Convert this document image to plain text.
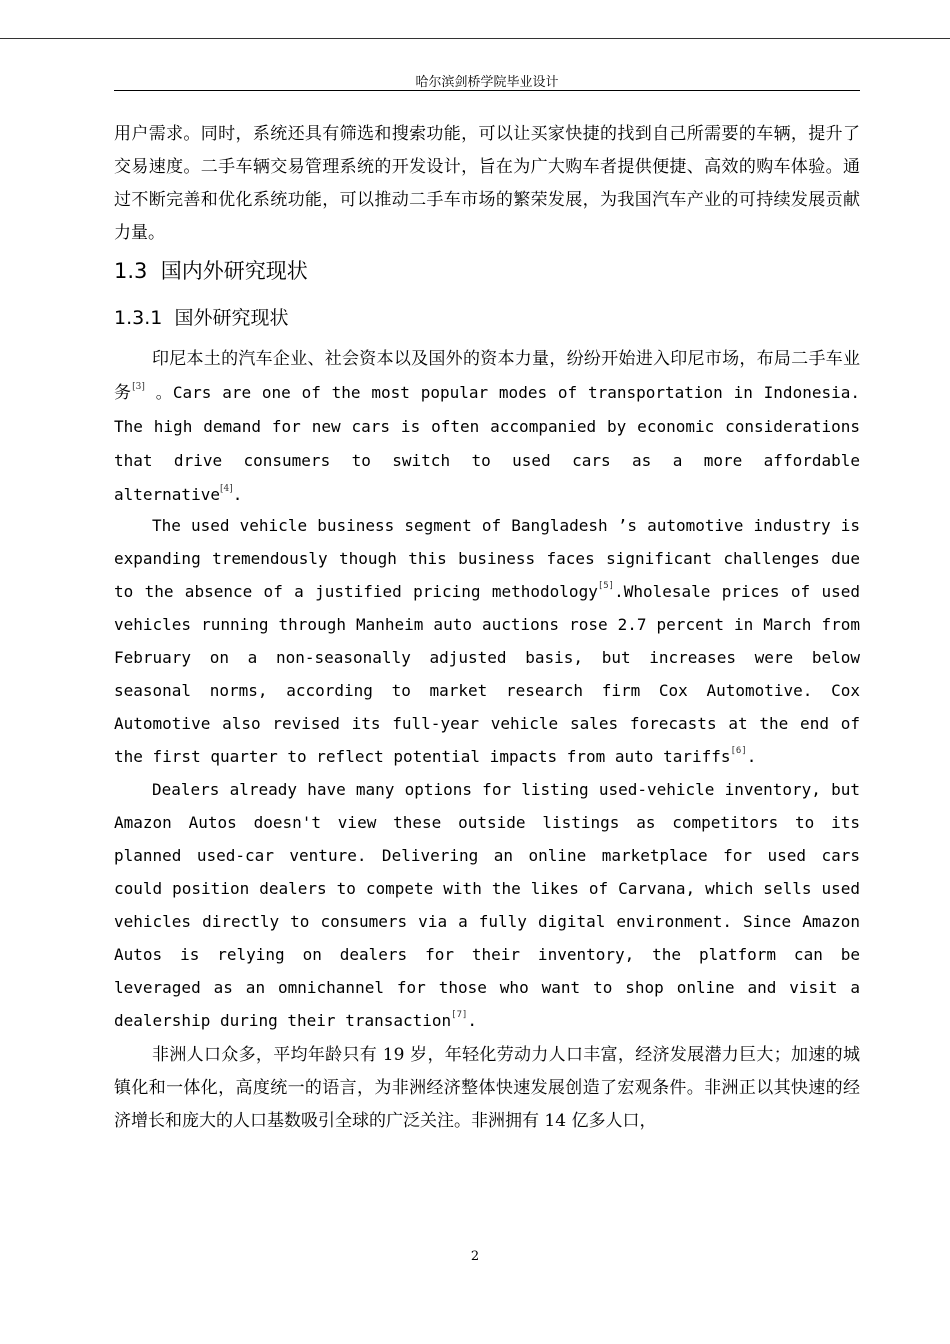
哈尔滨剑桥学院毕业设计

用户需求。同时，系统还具有筛选和搜索功能，可以让买家快捷的找到自己所需要的车辆，提升了交易速度。二手车辆交易管理系统的开发设计，旨在为广大购车者提供便捷、高效的购车体验。通过不断完善和优化系统功能，可以推动二手车市场的繁荣发展，为我国汽车产业的可持续发展贡献力量。

1.3 国内外研究现状
1.3.1 国外研究现状

印尼本土的汽车企业、社会资本以及国外的资本力量，纷纷开始进入印尼市场，布局二手车业务[3] 。Cars are one of the most popular modes of transportation in Indonesia. The high demand for new cars is often accompanied by economic considerations that drive consumers to switch to used cars as a more affordable alternative[4].

The used vehicle business segment of Bangladesh ’s automotive industry is expanding tremendously though this business faces significant challenges due to the absence of a justified pricing methodology[5].Wholesale prices of used vehicles running through Manheim auto auctions rose 2.7 percent in March from February on a non-seasonally adjusted basis, but increases were below seasonal norms, according to market research firm Cox Automotive. Cox Automotive also revised its full-year vehicle sales forecasts at the end of the first quarter to reflect potential impacts from auto tariffs[6].

Dealers already have many options for listing used-vehicle inventory, but Amazon Autos doesn't view these outside listings as competitors to its planned used-car venture. Delivering an online marketplace for used cars could position dealers to compete with the likes of Carvana, which sells used vehicles directly to consumers via a fully digital environment. Since Amazon Autos is relying on dealers for their inventory, the platform can be leveraged as an omnichannel for those who want to shop online and visit a dealership during their transaction[7].

非洲人口众多，平均年龄只有 19 岁，年轻化劳动力人口丰富，经济发展潜力巨大；加速的城镇化和一体化，高度统一的语言，为非洲经济整体快速发展创造了宏观条件。非洲正以其快速的经济增长和庞大的人口基数吸引全球的广泛关注。非洲拥有 14 亿多人口，

2
